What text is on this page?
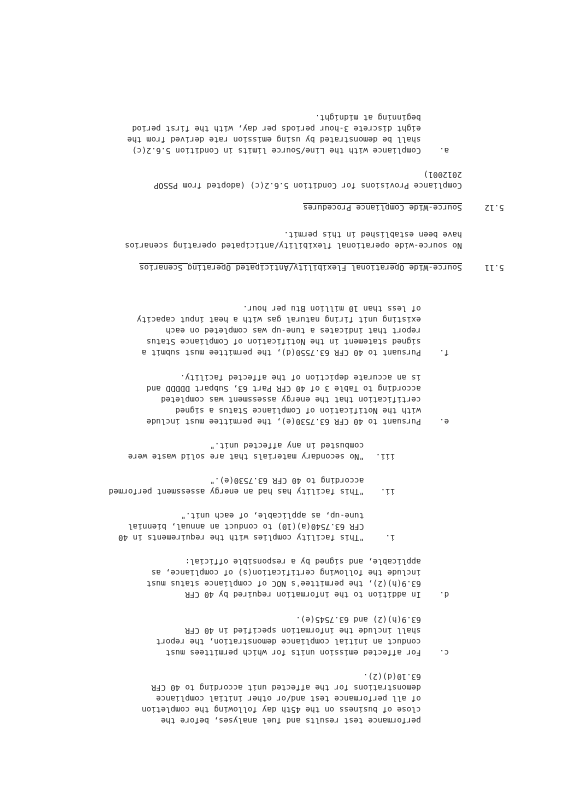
performance test results and fuel analyses, before the
close of business on the 45th day following the completion
of all performance test and/or other initial compliance
demonstrations for the affected unit according to 40 CFR
63.10(d)(2).
c.
For affected emission units for which permittees must
conduct an initial compliance demonstration, the report
shall include the information specified in 40 CFR
63.9(h)(2) and 63.7545(e).
d.
In addition to the information required by 40 CFR
63.9(h)(2), the permittee's NOC of compliance status must
include the following certification(s) of compliance, as
applicable, and signed by a responsible official:
i.
"This facility complies with the requirements in 40
CFR 63.7540(a)(10) to conduct an annual, biennial
tune-up, as applicable, of each unit."
ii.
"This facility has had an energy assessment performed
according to 40 CFR 63.7530(e)."
iii.
"No secondary materials that are solid waste were
combusted in any affected unit."
e.
Pursuant to 40 CFR 63.7530(e), the permittee must include
with the Notification of Compliance Status a signed
certification that the energy assessment was completed
according to Table 3 of 40 CFR Part 63, Subpart DDDDD and
is an accurate depiction of the affected facility.
f.
Pursuant to 40 CFR 63.7550(d), the permittee must submit a
signed statement in the Notification of Compliance Status
report that indicates a tune-up was completed on each
existing unit firing natural gas with a heat input capacity
of less than 10 million Btu per hour.
5.11
Source-Wide Operational Flexibility/Anticipated Operating Scenarios
No source-wide operational flexibility/anticipated operating scenarios
have been established in this permit.
5.12
Source-Wide Compliance Procedures
Compliance Provisions for Condition 5.6.2(c) (adopted from PSSOP
2012001)
a.
Compliance with the Line/Source limits in Condition 5.6.2(c)
shall be demonstrated by using emission rate derived from the
eight discrete 3-hour periods per day, with the first period
beginning at midnight.
